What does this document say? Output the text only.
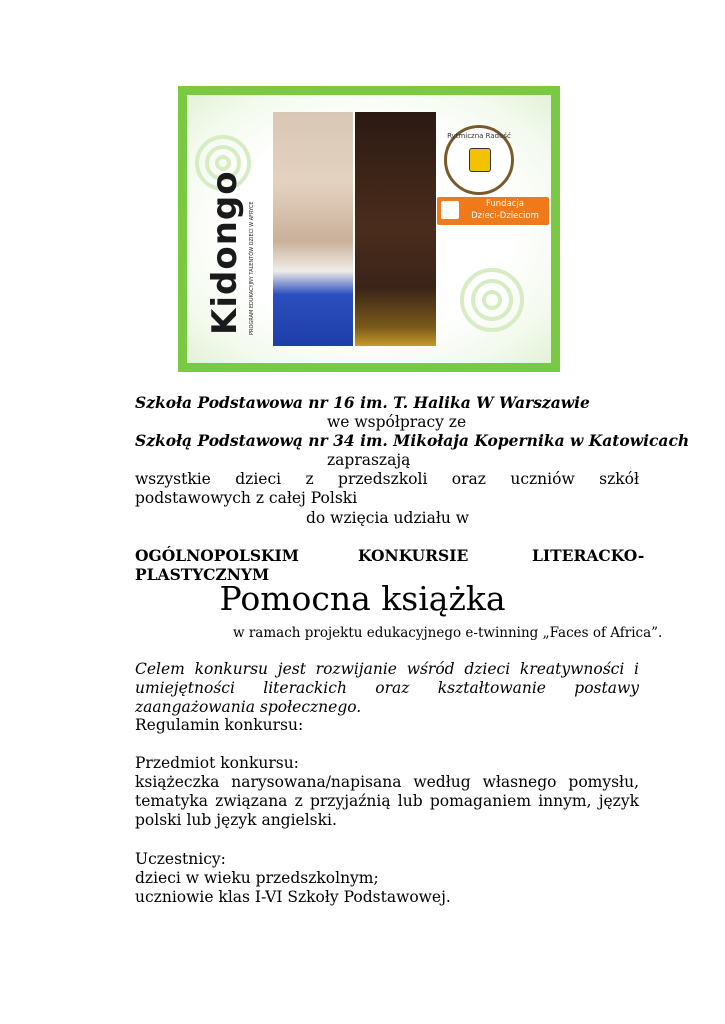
Kidongo PROGRAM EDUKACYJNY TALENTÓW DZIECI W AFRYCE
Rytmiczna Radość
Fundacja
Dzieci-Dzieciom
Szkoła Podstawowa nr 16 im. T. Halika W Warszawie
we współpracy ze
Szkołą Podstawową nr 34 im. Mikołaja Kopernika w Katowicach
zapraszają
wszystkie dzieci z przedszkoli oraz uczniów szkół podstawowych z całej Polski
do wzięcia udziału w
OGÓLNOPOLSKIM	KONKURSIE	LITERACKO-
PLASTYCZNYM
Pomocna książka
w ramach projektu edukacyjnego e-twinning „Faces of Africa”.
Celem konkursu jest rozwijanie wśród dzieci kreatywności i umiejętności literackich oraz kształtowanie postawy zaangażowania społecznego.
Regulamin konkursu:
Przedmiot konkursu:
książeczka narysowana/napisana według własnego pomysłu, tematyka związana z przyjaźnią lub pomaganiem innym, język polski lub język angielski.
Uczestnicy:
dzieci w wieku przedszkolnym;
uczniowie klas I-VI Szkoły Podstawowej.
